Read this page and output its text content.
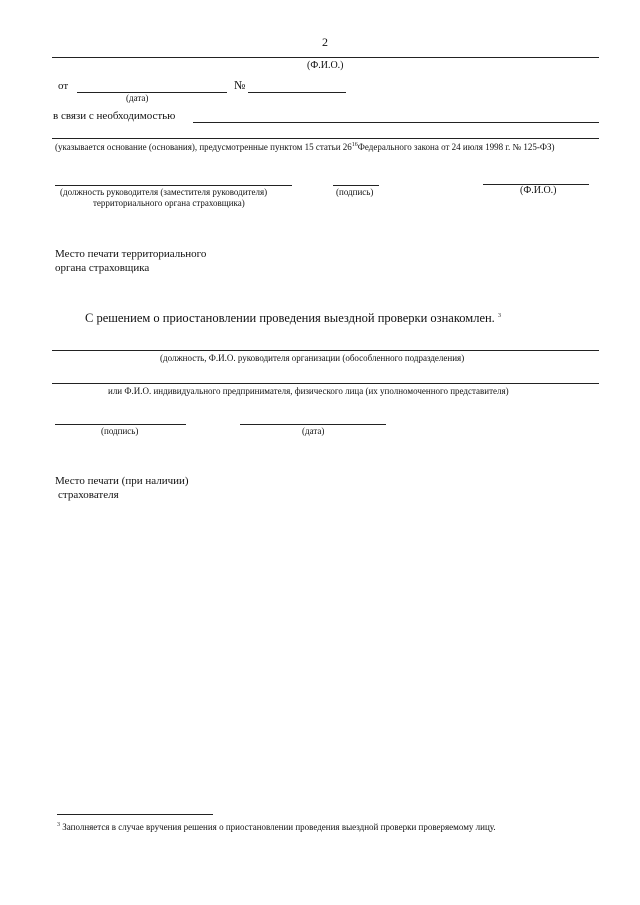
2
(Ф.И.О.)
от	№
(дата)
в связи с необходимостью
(указывается основание (основания), предусмотренные пунктом 15 статьи $26^{16}Федерального$ закона от 24 июля 1998 г. № 125-ФЗ)
(должность руководителя (заместителя руководителя)
территориального органа страховщика)
(подпись)	(Ф.И.О.)
Место печати территориального
органа страховщика
С решением о приостановлении проведения выездной проверки ознакомлен. $^3$
(должность, Ф.И.О. руководителя организации (обособленного подразделения)
или Ф.И.О. индивидуального предпринимателя, физического лица (их уполномоченного представителя)
(подпись)	(дата)
Место печати (при наличии)
страхователя
$^3$ Заполняется в случае вручения решения о приостановлении проведения выездной проверки проверяемому лицу.
